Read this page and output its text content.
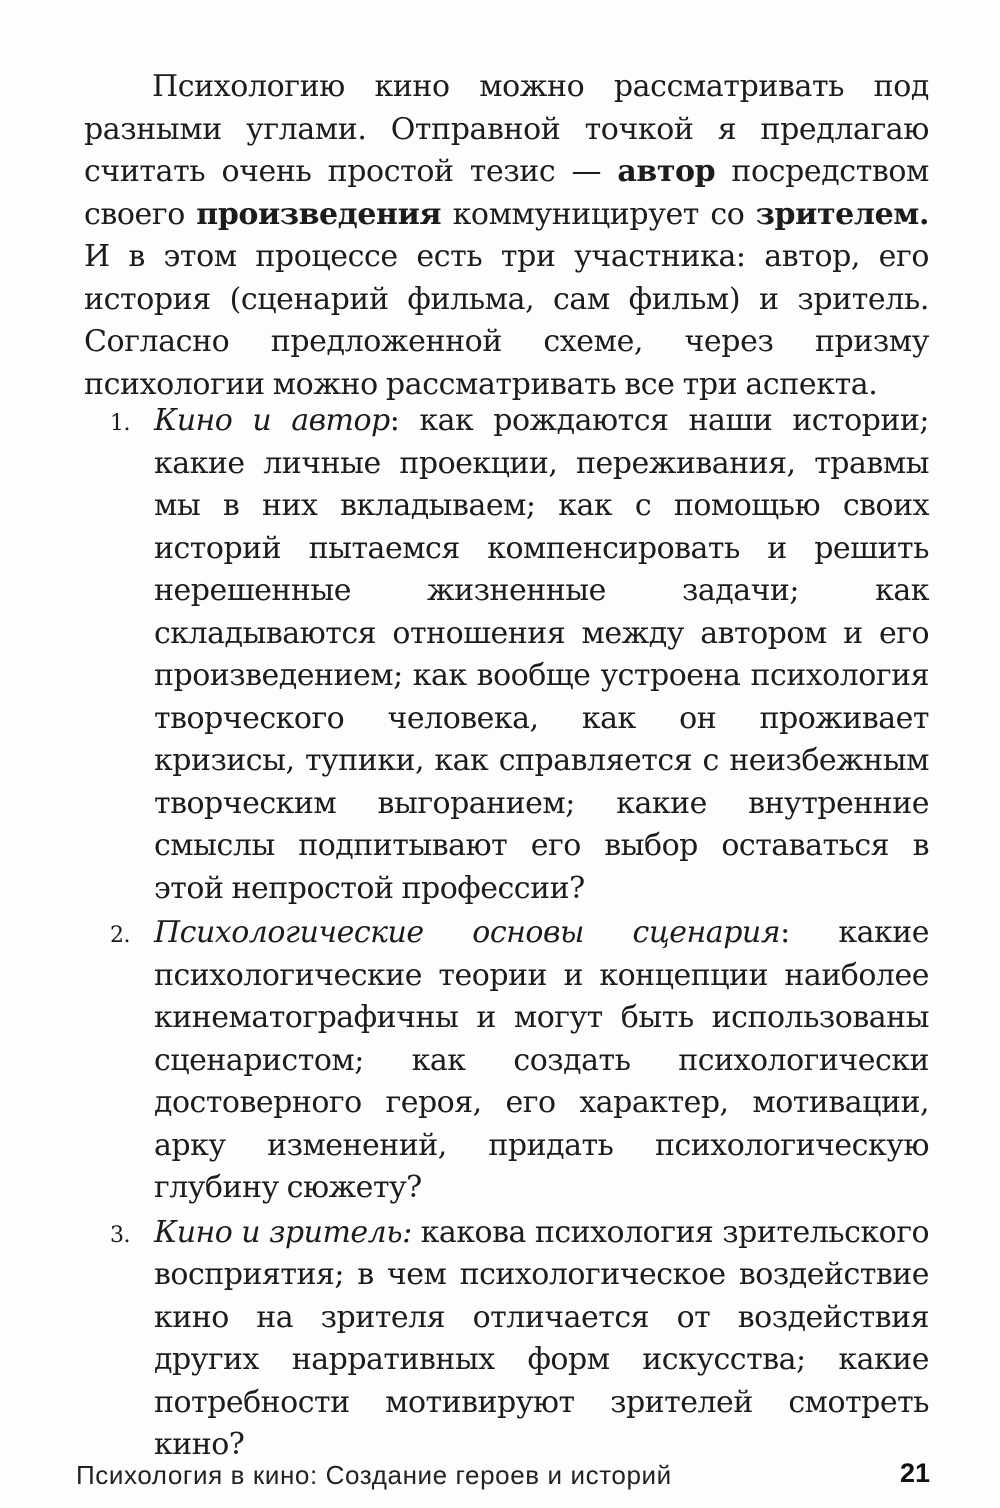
Психологию кино можно рассматривать под разными углами. Отправной точкой я предлагаю считать очень простой тезис — автор посредством своего произведения коммуницирует со зрителем. И в этом процессе есть три участника: автор, его история (сценарий фильма, сам фильм) и зритель. Согласно предложенной схеме, через призму психологии можно рассматривать все три аспекта.

1. Кино и автор: как рождаются наши истории; какие личные проекции, переживания, травмы мы в них вкладываем; как с помощью своих историй пытаемся компенсировать и решить нерешенные жизненные задачи; как складываются отношения между автором и его произведением; как вообще устроена психология творческого человека, как он проживает кризисы, тупики, как справляется с неизбежным творческим выгоранием; какие внутренние смыслы подпитывают его выбор оставаться в этой непростой профессии?
2. Психологические основы сценария: какие психологические теории и концепции наиболее кинематографичны и могут быть использованы сценаристом; как создать психологически достоверного героя, его характер, мотивации, арку изменений, придать психологическую глубину сюжету?
3. Кино и зритель: какова психология зрительского восприятия; в чем психологическое воздействие кино на зрителя отличается от воздействия других нарративных форм искусства; какие потребности мотивируют зрителей смотреть кино?
Психология в кино: Создание героев и историй	21
